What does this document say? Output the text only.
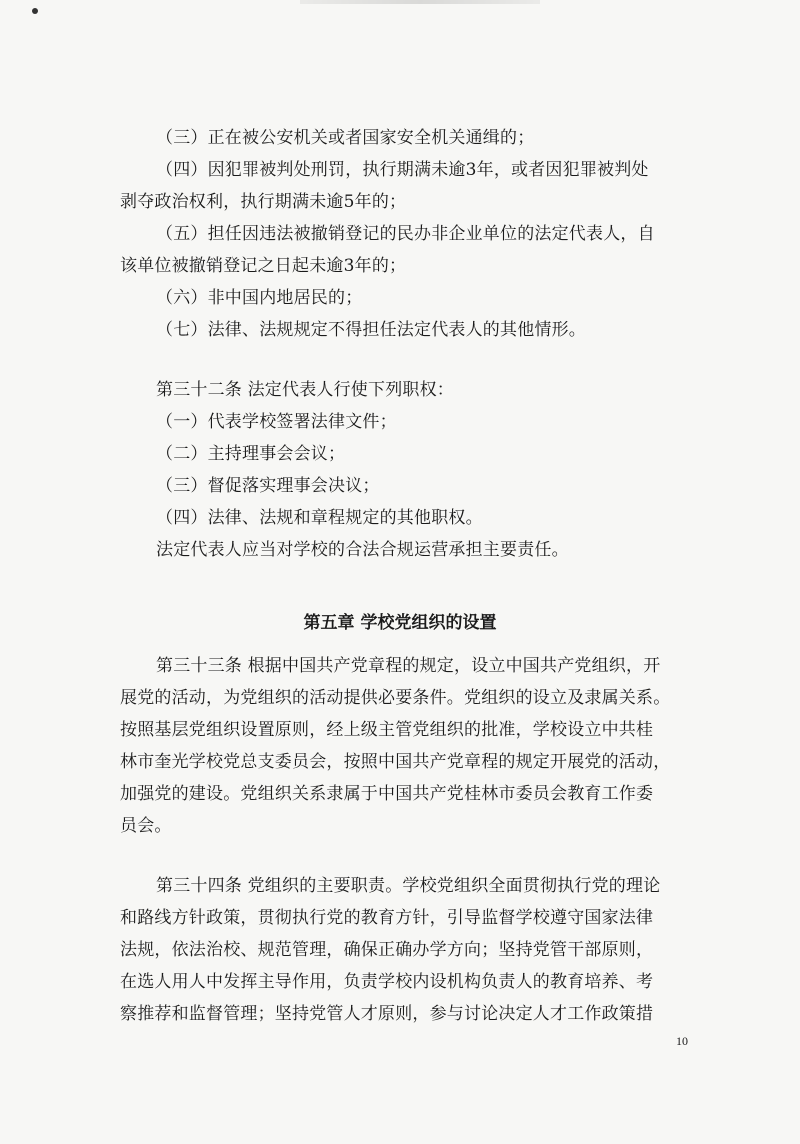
（三）正在被公安机关或者国家安全机关通缉的；
（四）因犯罪被判处刑罚，执行期满未逾3年，或者因犯罪被判处
剥夺政治权利，执行期满未逾5年的；
（五）担任因违法被撤销登记的民办非企业单位的法定代表人，自
该单位被撤销登记之日起未逾3年的；
（六）非中国内地居民的；
（七）法律、法规规定不得担任法定代表人的其他情形。
第三十二条 法定代表人行使下列职权：
（一）代表学校签署法律文件；
（二）主持理事会会议；
（三）督促落实理事会决议；
（四）法律、法规和章程规定的其他职权。
法定代表人应当对学校的合法合规运营承担主要责任。
第五章 学校党组织的设置
第三十三条 根据中国共产党章程的规定，设立中国共产党组织，开
展党的活动，为党组织的活动提供必要条件。党组织的设立及隶属关系。
按照基层党组织设置原则，经上级主管党组织的批准，学校设立中共桂
林市奎光学校党总支委员会，按照中国共产党章程的规定开展党的活动，
加强党的建设。党组织关系隶属于中国共产党桂林市委员会教育工作委
员会。
第三十四条 党组织的主要职责。学校党组织全面贯彻执行党的理论
和路线方针政策，贯彻执行党的教育方针，引导监督学校遵守国家法律
法规，依法治校、规范管理，确保正确办学方向；坚持党管干部原则，
在选人用人中发挥主导作用，负责学校内设机构负责人的教育培养、考
察推荐和监督管理；坚持党管人才原则，参与讨论决定人才工作政策措
10
